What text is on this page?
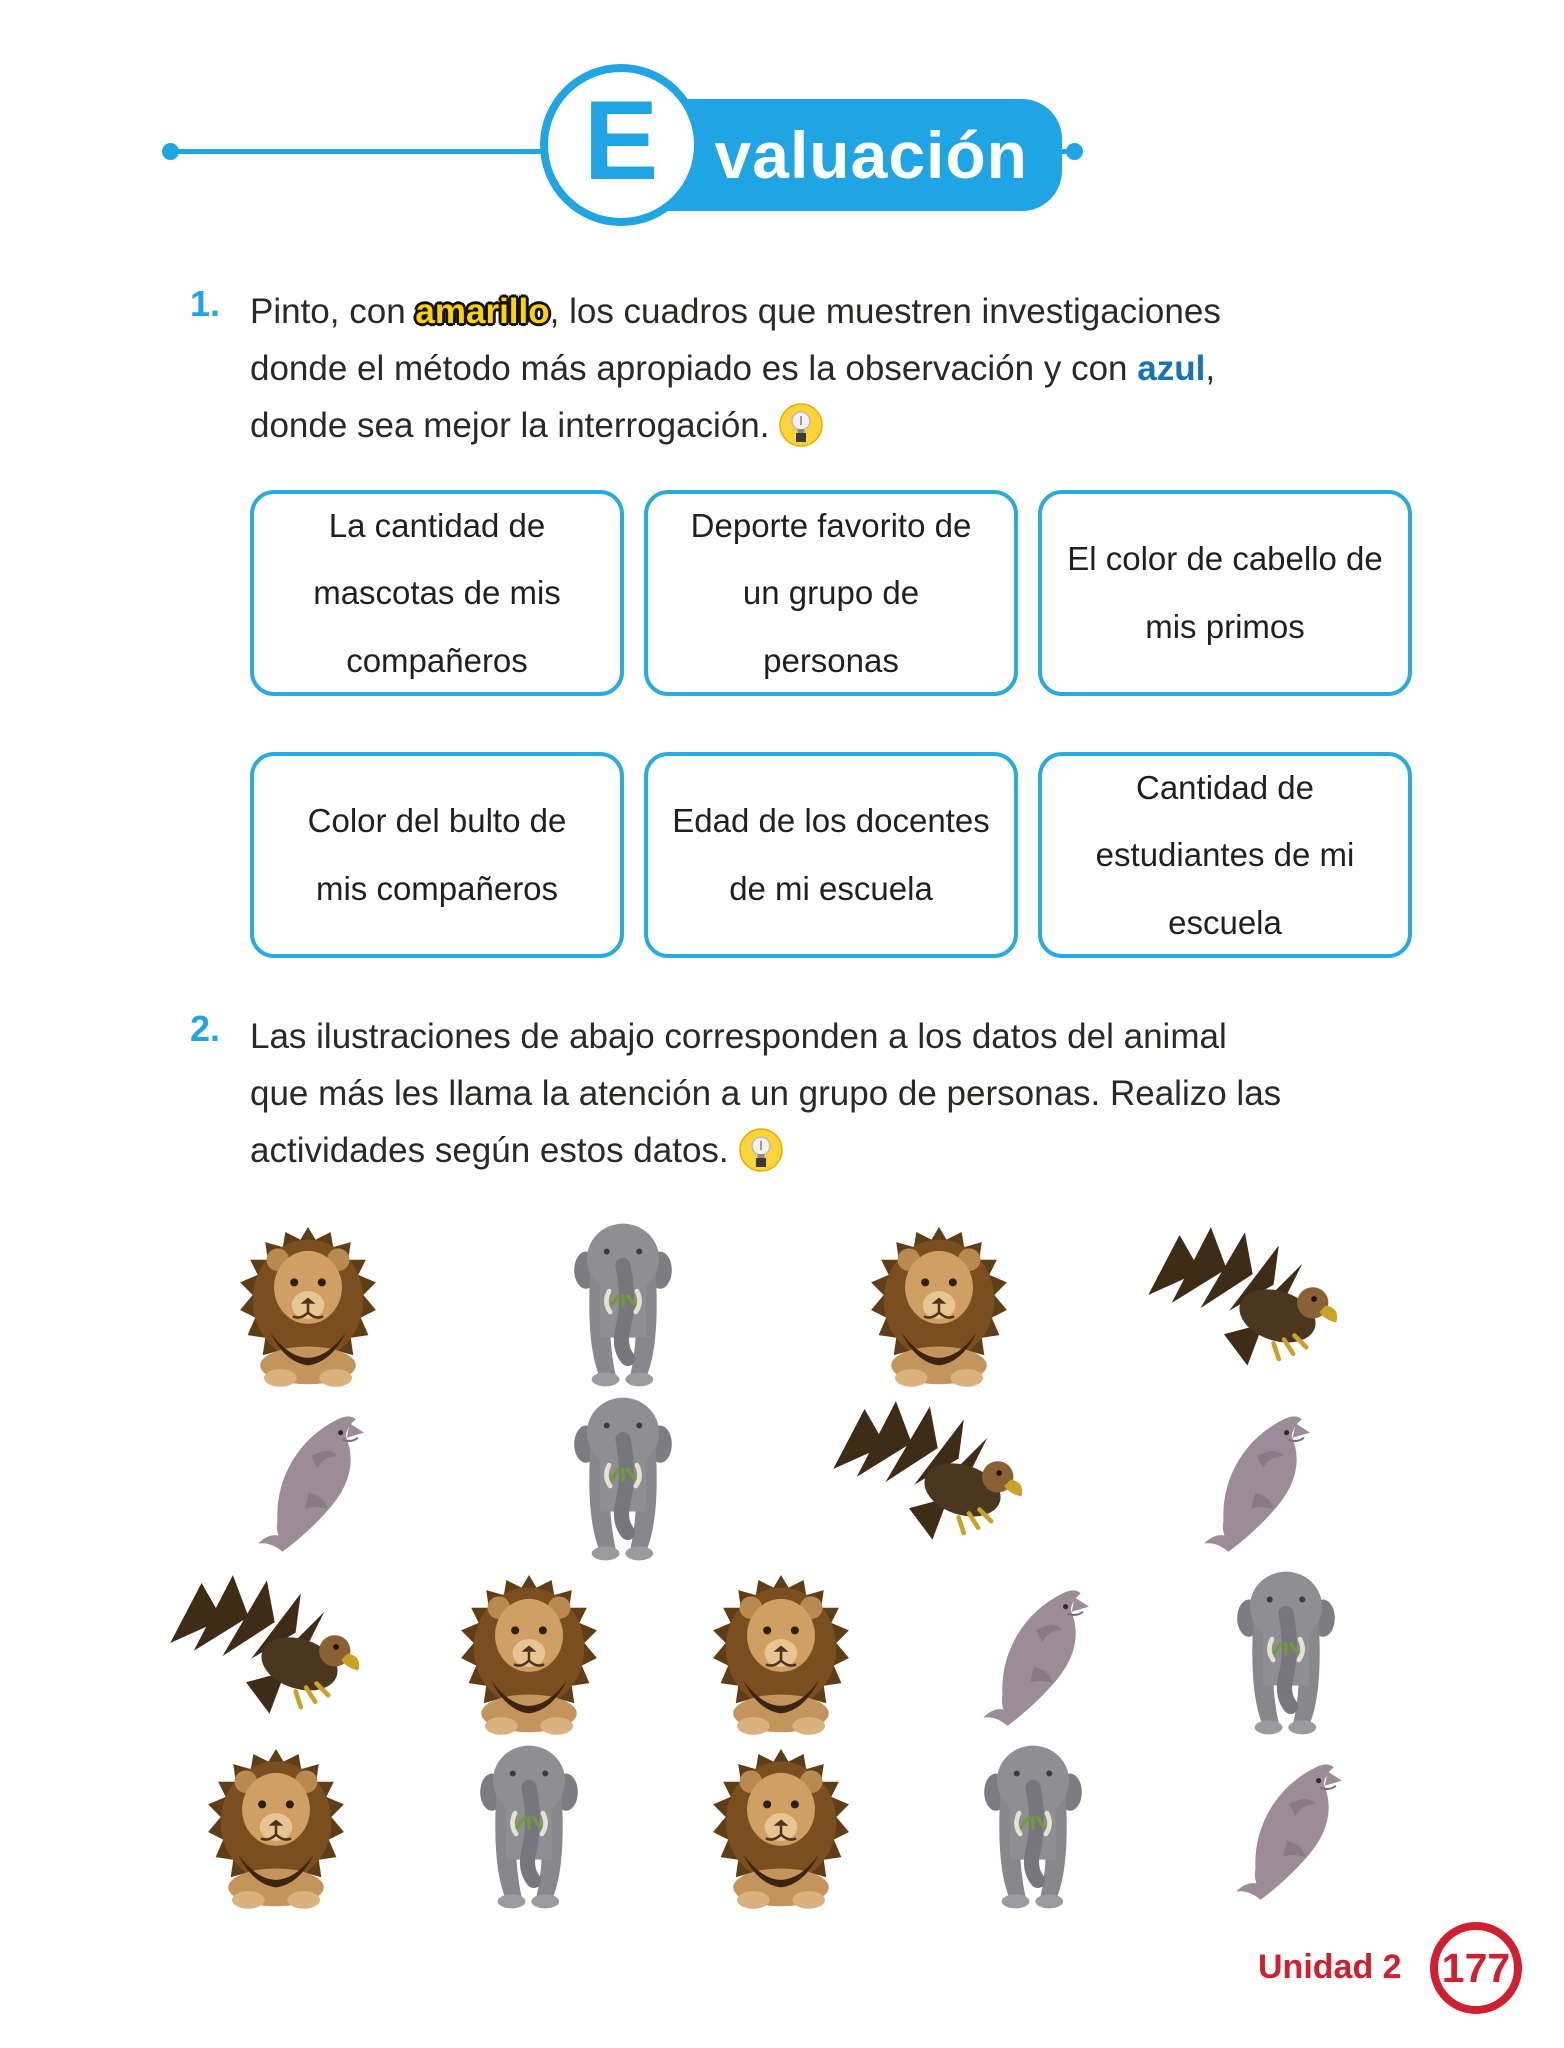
valuación
E
1. Pinto, con amarillo, los cuadros que muestren investigaciones
donde el método más apropiado es la observación y con azul,
donde sea mejor la interrogación.
La cantidad de mascotas de mis compañeros
Deporte favorito de un grupo de personas
El color de cabello de mis primos
Color del bulto de mis compañeros
Edad de los docentes de mi escuela
Cantidad de estudiantes de mi escuela
2. Las ilustraciones de abajo corresponden a los datos del animal
que más les llama la atención a un grupo de personas. Realizo las
actividades según estos datos.
Unidad 2 177
